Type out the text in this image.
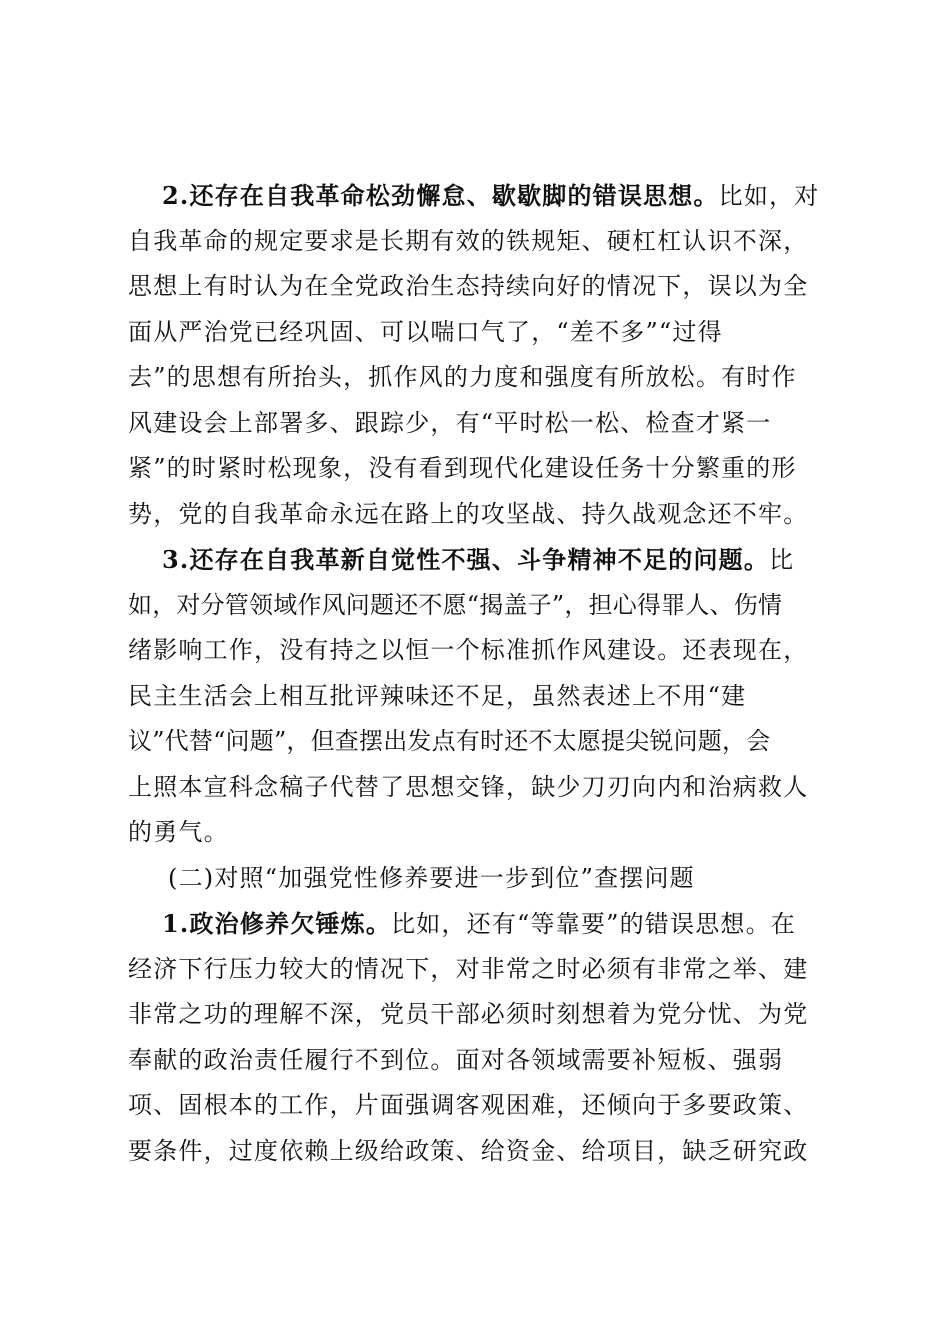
2.还存在自我革命松劲懈怠、歇歇脚的错误思想。比如，对
自我革命的规定要求是长期有效的铁规矩、硬杠杠认识不深，
思想上有时认为在全党政治生态持续向好的情况下，误以为全
面从严治党已经巩固、可以喘口气了，“差不多”“过得
去”的思想有所抬头，抓作风的力度和强度有所放松。有时作
风建设会上部署多、跟踪少，有“平时松一松、检查才紧一
紧”的时紧时松现象，没有看到现代化建设任务十分繁重的形
势，党的自我革命永远在路上的攻坚战、持久战观念还不牢。
3.还存在自我革新自觉性不强、斗争精神不足的问题。比
如，对分管领域作风问题还不愿“揭盖子”，担心得罪人、伤情
绪影响工作，没有持之以恒一个标准抓作风建设。还表现在，
民主生活会上相互批评辣味还不足，虽然表述上不用“建
议”代替“问题”，但查摆出发点有时还不太愿提尖锐问题，会
上照本宣科念稿子代替了思想交锋，缺少刀刃向内和治病救人
的勇气。
(二)对照“加强党性修养要进一步到位”查摆问题
1.政治修养欠锤炼。比如，还有“等靠要”的错误思想。在
经济下行压力较大的情况下，对非常之时必须有非常之举、建
非常之功的理解不深，党员干部必须时刻想着为党分忧、为党
奉献的政治责任履行不到位。面对各领域需要补短板、强弱
项、固根本的工作，片面强调客观困难，还倾向于多要政策、
要条件，过度依赖上级给政策、给资金、给项目，缺乏研究政
